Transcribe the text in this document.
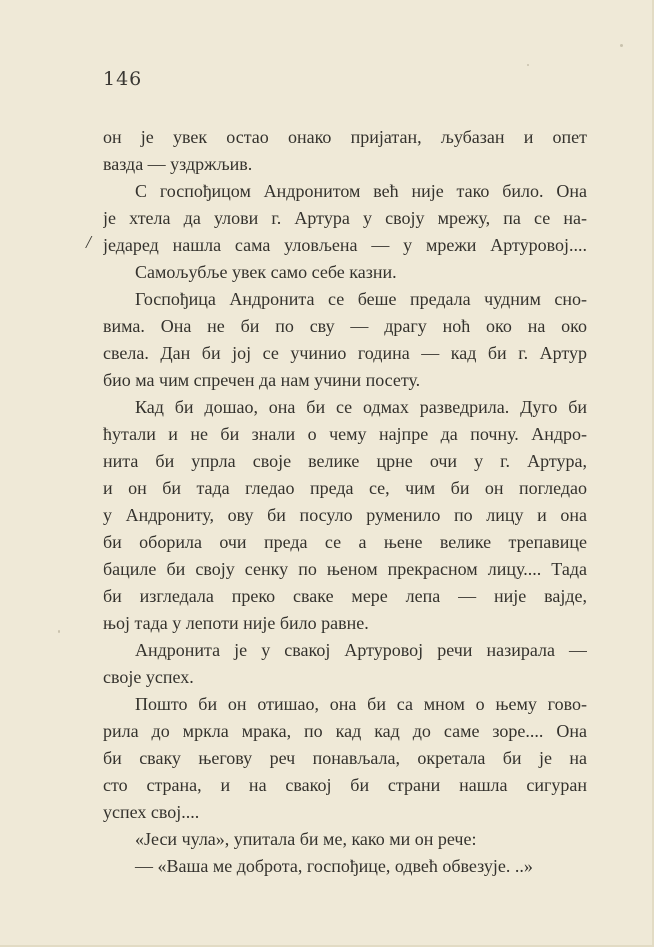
146
/
он је увек остао онако пријатан, љубазан и опет
вазда — уздржљив.
С госпођицом Андронитом већ није тако било. Она
је хтела да улови г. Артура у своју мрежу, па се на-
једаред нашла сама уловљена — у мрежи Артуровој....
Самољубље увек само себе казни.
Госпођица Андронита се беше предала чудним сно-
вима. Она не би по сву — драгу ноћ око на око
свела. Дан би јој се учинио година — кад би г. Артур
био ма чим спречен да нам учини посету.
Кад би дошао, она би се одмах разведрила. Дуго би
ћутали и не би знали о чему најпре да почну. Андро-
нита би упрла своје велике црне очи у г. Артура,
и он би тада гледао преда се, чим би он погледао
у Андрониту, ову би посуло руменило по лицу и она
би оборила очи преда се а њене велике трепавице
бациле би своју сенку по њеном прекрасном лицу.... Тада
би изгледала преко сваке мере лепа — није вајде,
њој тада у лепоти није било равне.
Андронита је у свакој Артуровој речи назирала —
своје успех.
Пошто би он отишао, она би са мном о њему гово-
рила до мркла мрака, по кад кад до саме зоре.... Она
би сваку његову реч понављала, окретала би је на
сто страна, и на свакој би страни нашла сигуран
успех свој....
«Јеси чула», упитала би ме, како ми он рече:
— «Ваша ме доброта, госпођице, одвећ обвезује. ..»
